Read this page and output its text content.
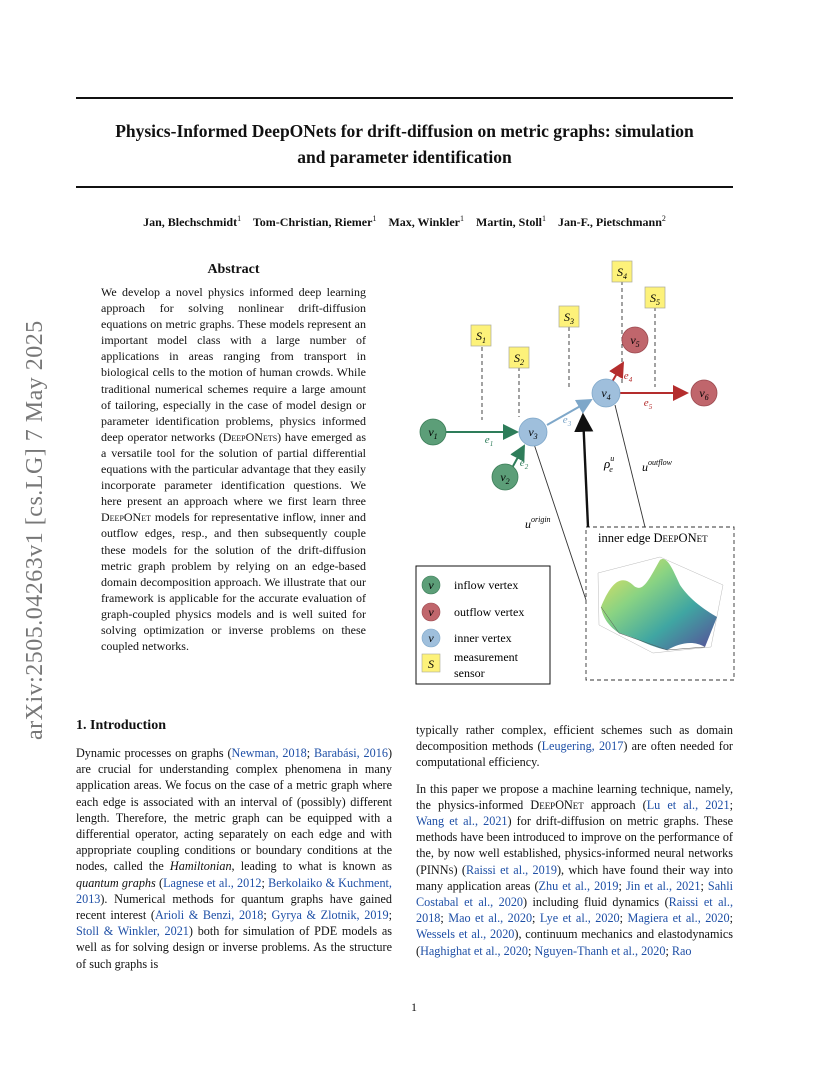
arXiv:2505.04263v1 [cs.LG] 7 May 2025
Physics-Informed DeepONets for drift-diffusion on metric graphs: simulation
and parameter identification
Jan, Blechschmidt$^1$ Tom-Christian, Riemer$^1$ Max, Winkler$^1$ Martin, Stoll$^1$ Jan-F., Pietschmann$^2$
Abstract

We develop a novel physics informed deep learning approach for solving nonlinear drift-diffusion equations on metric graphs. These models represent an important model class with a large number of applications in areas ranging from transport in biological cells to the motion of human crowds. While traditional numerical schemes require a large amount of tailoring, especially in the case of model design or parameter identification problems, physics informed deep operator networks (DeepONets) have emerged as a versatile tool for the solution of partial differential equations with the particular advantage that they easily incorporate parameter identification questions. We here present an approach where we first learn three DeepONet models for representative inflow, inner and outflow edges, resp., and then subsequently couple these models for the solution of the drift-diffusion metric graph problem by relying on an edge-based domain decomposition approach. We illustrate that our framework is applicable for the accurate evaluation of graph-coupled physics models and is well suited for solving optimization or inverse problems on these coupled networks.

$S_1$
$S_2$
$S_3$
$S_4$
$S_5$
$v_1$
$v_2$
$v_3$
$v_4$
$v_5$
$v_6$
$e_1$
$e_2$
$e_3$
$e_4$
$e_5$
$u^{origin}$
$u^{outflow}$
$\rho^u$ e
inner edge DeepONet
v
v
v
S
inflow vertex
outflow vertex
inner vertex
measurement
sensor
1. Introduction

Dynamic processes on graphs (Newman, 2018; Barabási, 2016) are crucial for understanding complex phenomena in many application areas. We focus on the case of a metric graph where each edge is associated with an interval of (possibly) different length. Therefore, the metric graph can be equipped with a differential operator, acting separately on each edge and with appropriate coupling conditions or boundary conditions at the nodes, called the Hamiltonian, leading to what is known as quantum graphs (Lagnese et al., 2012; Berkolaiko & Kuchment, 2013). Numerical methods for quantum graphs have gained recent interest (Arioli & Benzi, 2018; Gyrya & Zlotnik, 2019; Stoll & Winkler, 2021) both for simulation of PDE models as well as for solving design or inverse problems. As the structure of such graphs is

typically rather complex, efficient schemes such as domain decomposition methods (Leugering, 2017) are often needed for computational efficiency.

In this paper we propose a machine learning technique, namely, the physics-informed DeepONet approach (Lu et al., 2021; Wang et al., 2021) for drift-diffusion on metric graphs. These methods have been introduced to improve on the performance of the, by now well established, physics-informed neural networks (PINNs) (Raissi et al., 2019), which have found their way into many application areas (Zhu et al., 2019; Jin et al., 2021; Sahli Costabal et al., 2020) including fluid dynamics (Raissi et al., 2018; Mao et al., 2020; Lye et al., 2020; Magiera et al., 2020; Wessels et al., 2020), continuum mechanics and elastodynamics (Haghighat et al., 2020; Nguyen-Thanh et al., 2020; Rao

1
